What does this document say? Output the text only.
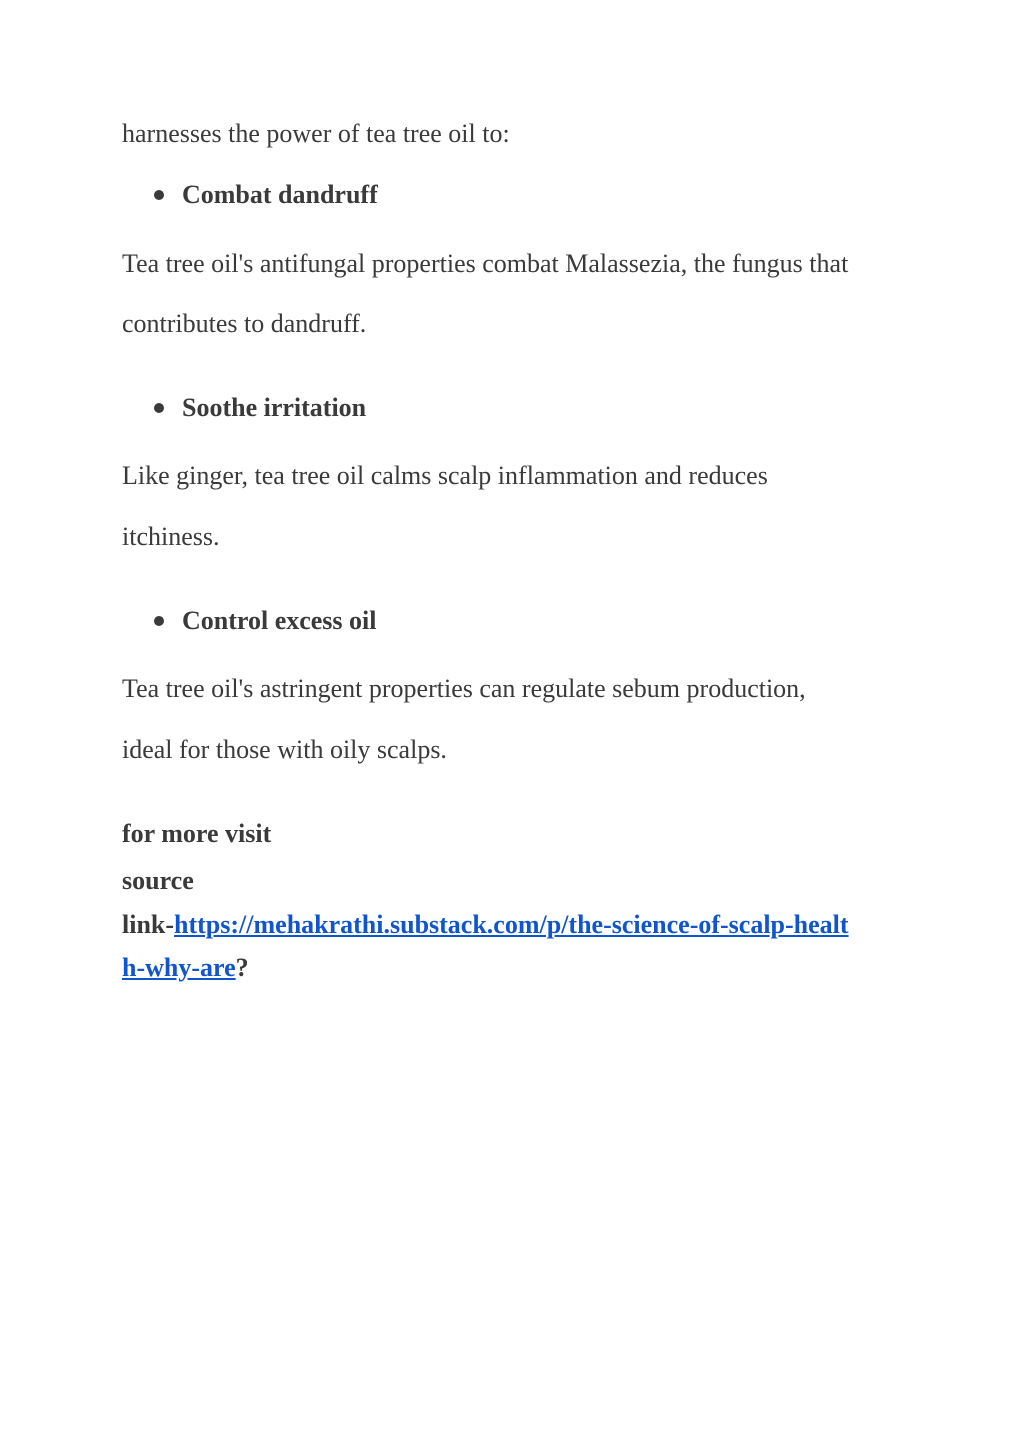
harnesses the power of tea tree oil to:

Combat dandruff

Tea tree oil's antifungal properties combat Malassezia, the fungus that

contributes to dandruff.

Soothe irritation

Like ginger, tea tree oil calms scalp inflammation and reduces

itchiness.

Control excess oil

Tea tree oil's astringent properties can regulate sebum production,

ideal for those with oily scalps.

for more visit

source

link-https://mehakrathi.substack.com/p/the-science-of-scalp-healt

h-why-are?
